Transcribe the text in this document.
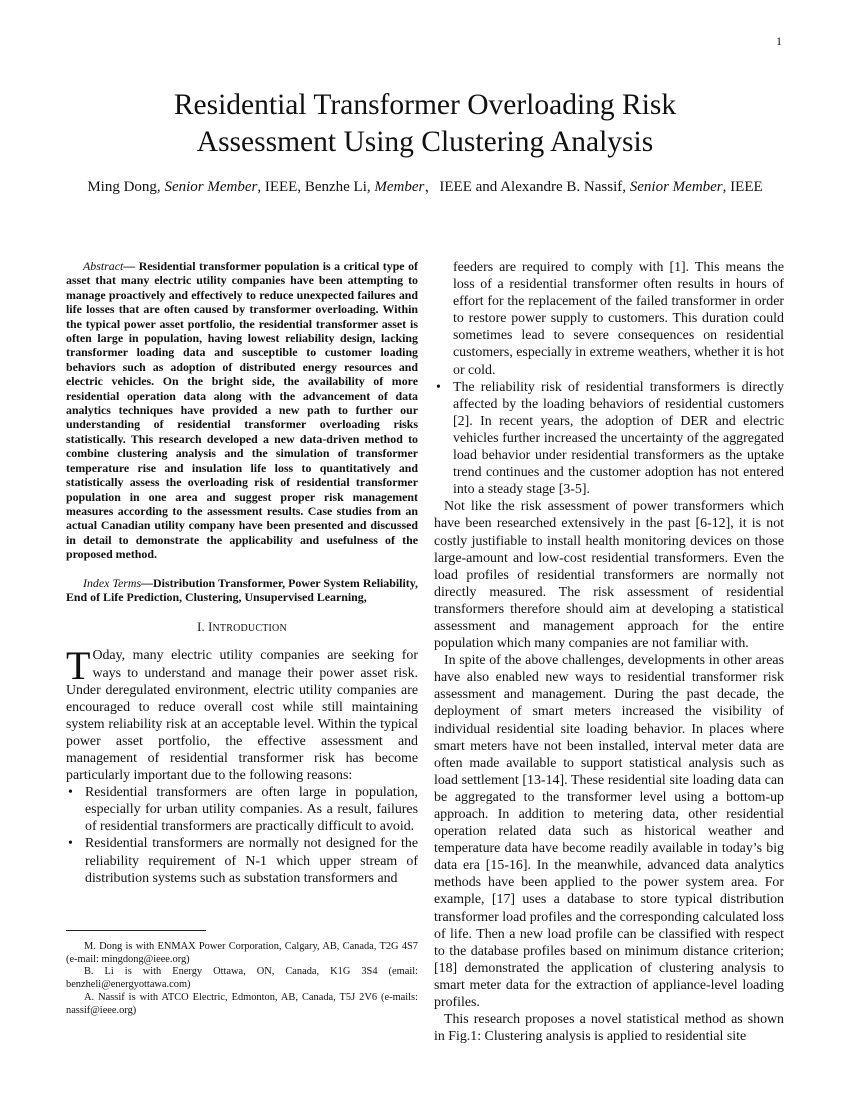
1
Residential Transformer Overloading Risk
Assessment Using Clustering Analysis
Ming Dong, Senior Member, IEEE, Benzhe Li, Member，IEEE and Alexandre B. Nassif, Senior Member, IEEE

Abstract— Residential transformer population is a critical type of asset that many electric utility companies have been attempting to manage proactively and effectively to reduce unexpected failures and life losses that are often caused by transformer overloading. Within the typical power asset portfolio, the residential transformer asset is often large in population, having lowest reliability design, lacking transformer loading data and susceptible to customer loading behaviors such as adoption of distributed energy resources and electric vehicles. On the bright side, the availability of more residential operation data along with the advancement of data analytics techniques have provided a new path to further our understanding of residential transformer overloading risks statistically. This research developed a new data-driven method to combine clustering analysis and the simulation of transformer temperature rise and insulation life loss to quantitatively and statistically assess the overloading risk of residential transformer population in one area and suggest proper risk management measures according to the assessment results. Case studies from an actual Canadian utility company have been presented and discussed in detail to demonstrate the applicability and usefulness of the proposed method.

Index Terms—Distribution Transformer, Power System Reliability, End of Life Prediction, Clustering, Unsupervised Learning,

I. INTRODUCTION

T Oday, many electric utility companies are seeking for ways to understand and manage their power asset risk. Under deregulated environment, electric utility companies are encouraged to reduce overall cost while still maintaining system reliability risk at an acceptable level. Within the typical power asset portfolio, the effective assessment and management of residential transformer risk has become particularly important due to the following reasons:

• Residential transformers are often large in population, especially for urban utility companies. As a result, failures of residential transformers are practically difficult to avoid.
• Residential transformers are normally not designed for the reliability requirement of N-1 which upper stream of distribution systems such as substation transformers and

feeders are required to comply with [1]. This means the loss of a residential transformer often results in hours of effort for the replacement of the failed transformer in order to restore power supply to customers. This duration could sometimes lead to severe consequences on residential customers, especially in extreme weathers, whether it is hot or cold.

• The reliability risk of residential transformers is directly affected by the loading behaviors of residential customers [2]. In recent years, the adoption of DER and electric vehicles further increased the uncertainty of the aggregated load behavior under residential transformers as the uptake trend continues and the customer adoption has not entered into a steady stage [3-5].

Not like the risk assessment of power transformers which have been researched extensively in the past [6-12], it is not costly justifiable to install health monitoring devices on those large-amount and low-cost residential transformers. Even the load profiles of residential transformers are normally not directly measured. The risk assessment of residential transformers therefore should aim at developing a statistical assessment and management approach for the entire population which many companies are not familiar with.

In spite of the above challenges, developments in other areas have also enabled new ways to residential transformer risk assessment and management. During the past decade, the deployment of smart meters increased the visibility of individual residential site loading behavior. In places where smart meters have not been installed, interval meter data are often made available to support statistical analysis such as load settlement [13-14]. These residential site loading data can be aggregated to the transformer level using a bottom-up approach. In addition to metering data, other residential operation related data such as historical weather and temperature data have become readily available in today’s big data era [15-16]. In the meanwhile, advanced data analytics methods have been applied to the power system area. For example, [17] uses a database to store typical distribution transformer load profiles and the corresponding calculated loss of life. Then a new load profile can be classified with respect to the database profiles based on minimum distance criterion; [18] demonstrated the application of clustering analysis to smart meter data for the extraction of appliance-level loading profiles.

This research proposes a novel statistical method as shown in Fig.1: Clustering analysis is applied to residential site

M. Dong is with ENMAX Power Corporation, Calgary, AB, Canada, T2G 4S7 (e-mail: mingdong@ieee.org)

B. Li is with Energy Ottawa, ON, Canada, K1G 3S4 (email: benzheli@energyottawa.com)

A. Nassif is with ATCO Electric, Edmonton, AB, Canada, T5J 2V6 (e-mails: nassif@ieee.org)
